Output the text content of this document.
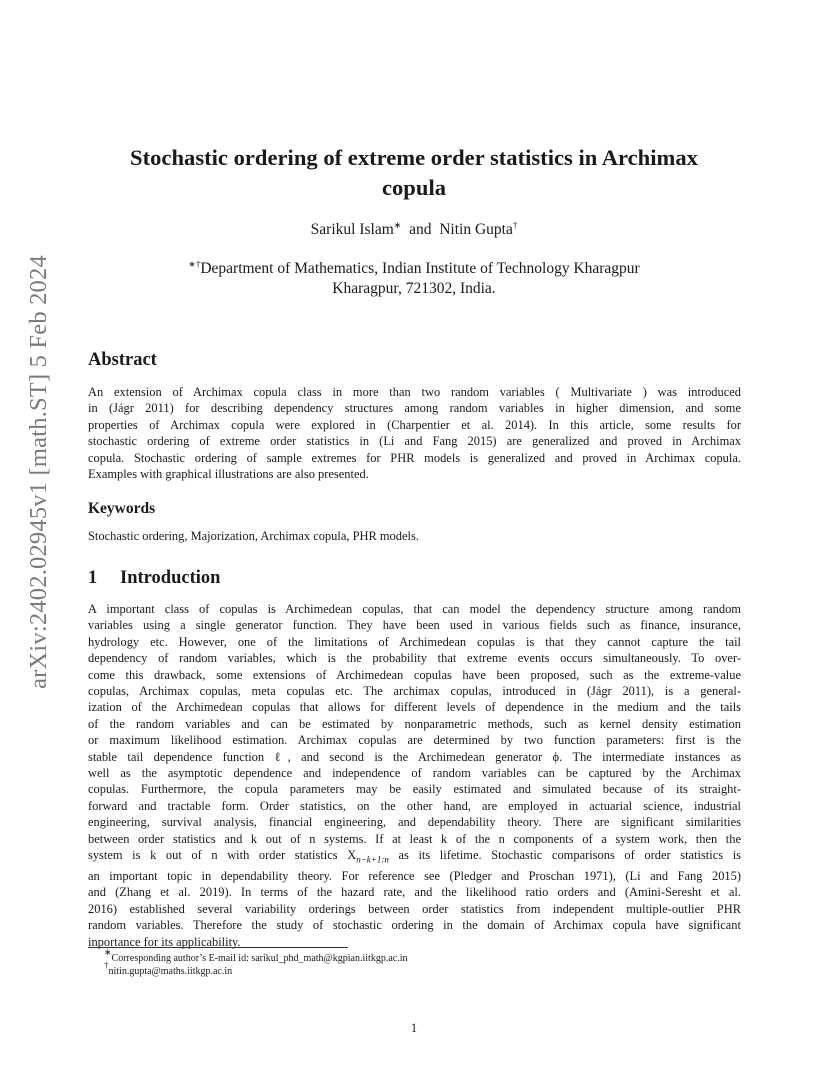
arXiv:2402.02945v1 [math.ST] 5 Feb 2024
Stochastic ordering of extreme order statistics in Archimax
copula
Sarikul Islam∗ and Nitin Gupta†
∗†Department of Mathematics, Indian Institute of Technology Kharagpur
Kharagpur, 721302, India.
Abstract
An extension of Archimax copula class in more than two random variables ( Multivariate ) was introduced
in (Jágr 2011) for describing dependency structures among random variables in higher dimension, and some
properties of Archimax copula were explored in (Charpentier et al. 2014). In this article, some results for
stochastic ordering of extreme order statistics in (Li and Fang 2015) are generalized and proved in Archimax
copula. Stochastic ordering of sample extremes for PHR models is generalized and proved in Archimax copula.
Examples with graphical illustrations are also presented.
Keywords
Stochastic ordering, Majorization, Archimax copula, PHR models.
1 Introduction
A important class of copulas is Archimedean copulas, that can model the dependency structure among random
variables using a single generator function. They have been used in various fields such as finance, insurance,
hydrology etc. However, one of the limitations of Archimedean copulas is that they cannot capture the tail
dependency of random variables, which is the probability that extreme events occurs simultaneously. To over-
come this drawback, some extensions of Archimedean copulas have been proposed, such as the extreme-value
copulas, Archimax copulas, meta copulas etc. The archimax copulas, introduced in (Jágr 2011), is a general-
ization of the Archimedean copulas that allows for different levels of dependence in the medium and the tails
of the random variables and can be estimated by nonparametric methods, such as kernel density estimation
or maximum likelihood estimation. Archimax copulas are determined by two function parameters: first is the
stable tail dependence function ℓ, and second is the Archimedean generator ϕ. The intermediate instances as
well as the asymptotic dependence and independence of random variables can be captured by the Archimax
copulas. Furthermore, the copula parameters may be easily estimated and simulated because of its straight-
forward and tractable form. Order statistics, on the other hand, are employed in actuarial science, industrial
engineering, survival analysis, financial engineering, and dependability theory. There are significant similarities
between order statistics and k out of n systems. If at least k of the n components of a system work, then the
system is k out of n with order statistics $X_{n-k+1:n}$ as its lifetime. Stochastic comparisons of order statistics is
an important topic in dependability theory. For reference see (Pledger and Proschan 1971), (Li and Fang 2015)
and (Zhang et al. 2019). In terms of the hazard rate, and the likelihood ratio orders and (Amini-Seresht et al.
2016) established several variability orderings between order statistics from independent multiple-outlier PHR
random variables. Therefore the study of stochastic ordering in the domain of Archimax copula have significant
inportance for its applicability.
∗Corresponding author’s E-mail id: sarikul_phd_math@kgpian.iitkgp.ac.in
†nitin.gupta@maths.iitkgp.ac.in
1
